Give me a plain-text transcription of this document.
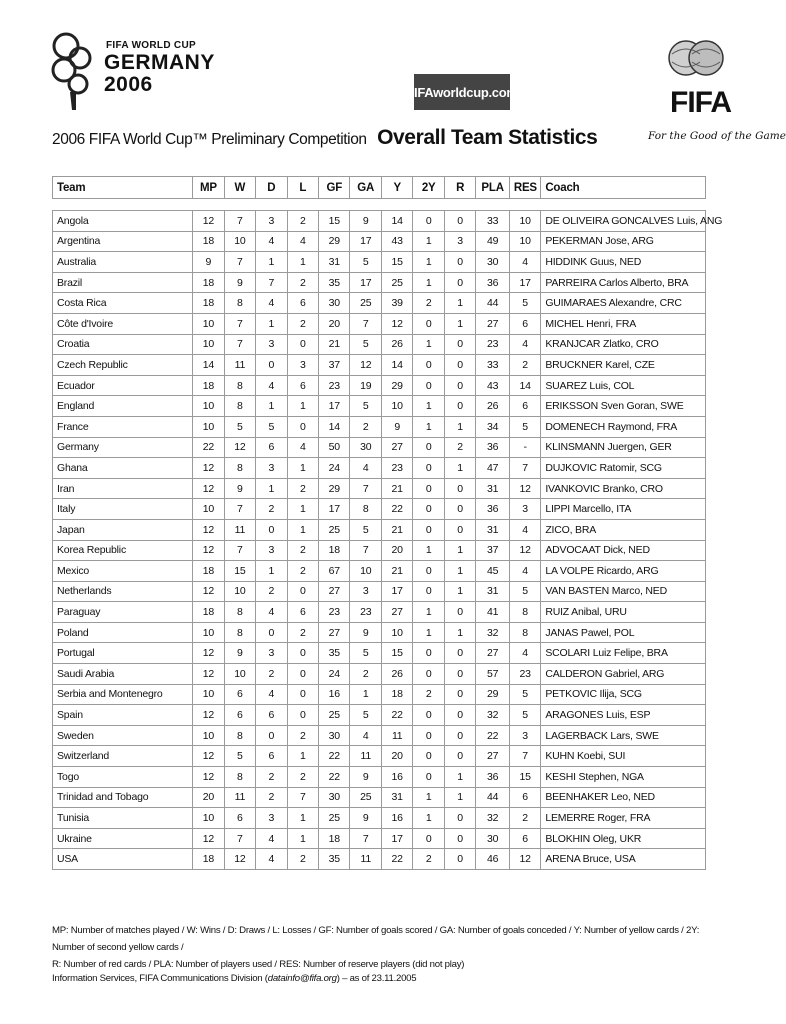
FIFA WORLD CUP
GERMANY
2006	FIFAworldcup.com	FIFA
For the Good of the Game
2006 FIFA World Cup™ Preliminary Competition Overall Team Statistics
Team	MP	W	D	L	GF	GA	Y	2Y	R	PLA	RES	Coach

Angola	12	7	3	2	15	9	14	0	0	33	10	DE OLIVEIRA GONCALVES Luis, ANG
Argentina	18	10	4	4	29	17	43	1	3	49	10	PEKERMAN Jose, ARG
Australia	9	7	1	1	31	5	15	1	0	30	4	HIDDINK Guus, NED
Brazil	18	9	7	2	35	17	25	1	0	36	17	PARREIRA Carlos Alberto, BRA
Costa Rica	18	8	4	6	30	25	39	2	1	44	5	GUIMARAES Alexandre, CRC
Côte d'Ivoire	10	7	1	2	20	7	12	0	1	27	6	MICHEL Henri, FRA
Croatia	10	7	3	0	21	5	26	1	0	23	4	KRANJCAR Zlatko, CRO
Czech Republic	14	11	0	3	37	12	14	0	0	33	2	BRUCKNER Karel, CZE
Ecuador	18	8	4	6	23	19	29	0	0	43	14	SUAREZ Luis, COL
England	10	8	1	1	17	5	10	1	0	26	6	ERIKSSON Sven Goran, SWE
France	10	5	5	0	14	2	9	1	1	34	5	DOMENECH Raymond, FRA
Germany	22	12	6	4	50	30	27	0	2	36	-	KLINSMANN Juergen, GER
Ghana	12	8	3	1	24	4	23	0	1	47	7	DUJKOVIC Ratomir, SCG
Iran	12	9	1	2	29	7	21	0	0	31	12	IVANKOVIC Branko, CRO
Italy	10	7	2	1	17	8	22	0	0	36	3	LIPPI Marcello, ITA
Japan	12	11	0	1	25	5	21	0	0	31	4	ZICO, BRA
Korea Republic	12	7	3	2	18	7	20	1	1	37	12	ADVOCAAT Dick, NED
Mexico	18	15	1	2	67	10	21	0	1	45	4	LA VOLPE Ricardo, ARG
Netherlands	12	10	2	0	27	3	17	0	1	31	5	VAN BASTEN Marco, NED
Paraguay	18	8	4	6	23	23	27	1	0	41	8	RUIZ Anibal, URU
Poland	10	8	0	2	27	9	10	1	1	32	8	JANAS Pawel, POL
Portugal	12	9	3	0	35	5	15	0	0	27	4	SCOLARI Luiz Felipe, BRA
Saudi Arabia	12	10	2	0	24	2	26	0	0	57	23	CALDERON Gabriel, ARG
Serbia and Montenegro	10	6	4	0	16	1	18	2	0	29	5	PETKOVIC Ilija, SCG
Spain	12	6	6	0	25	5	22	0	0	32	5	ARAGONES Luis, ESP
Sweden	10	8	0	2	30	4	11	0	0	22	3	LAGERBACK Lars, SWE
Switzerland	12	5	6	1	22	11	20	0	0	27	7	KUHN Koebi, SUI
Togo	12	8	2	2	22	9	16	0	1	36	15	KESHI Stephen, NGA
Trinidad and Tobago	20	11	2	7	30	25	31	1	1	44	6	BEENHAKER Leo, NED
Tunisia	10	6	3	1	25	9	16	1	0	32	2	LEMERRE Roger, FRA
Ukraine	12	7	4	1	18	7	17	0	0	30	6	BLOKHIN Oleg, UKR
USA	18	12	4	2	35	11	22	2	0	46	12	ARENA Bruce, USA
MP: Number of matches played / W: Wins / D: Draws / L: Losses / GF: Number of goals scored / GA: Number of goals conceded / Y: Number of yellow cards / 2Y: Number of second yellow cards /
R: Number of red cards / PLA: Number of players used / RES: Number of reserve players (did not play)
Information Services, FIFA Communications Division (datainfo@fifa.org) – as of 23.11.2005
